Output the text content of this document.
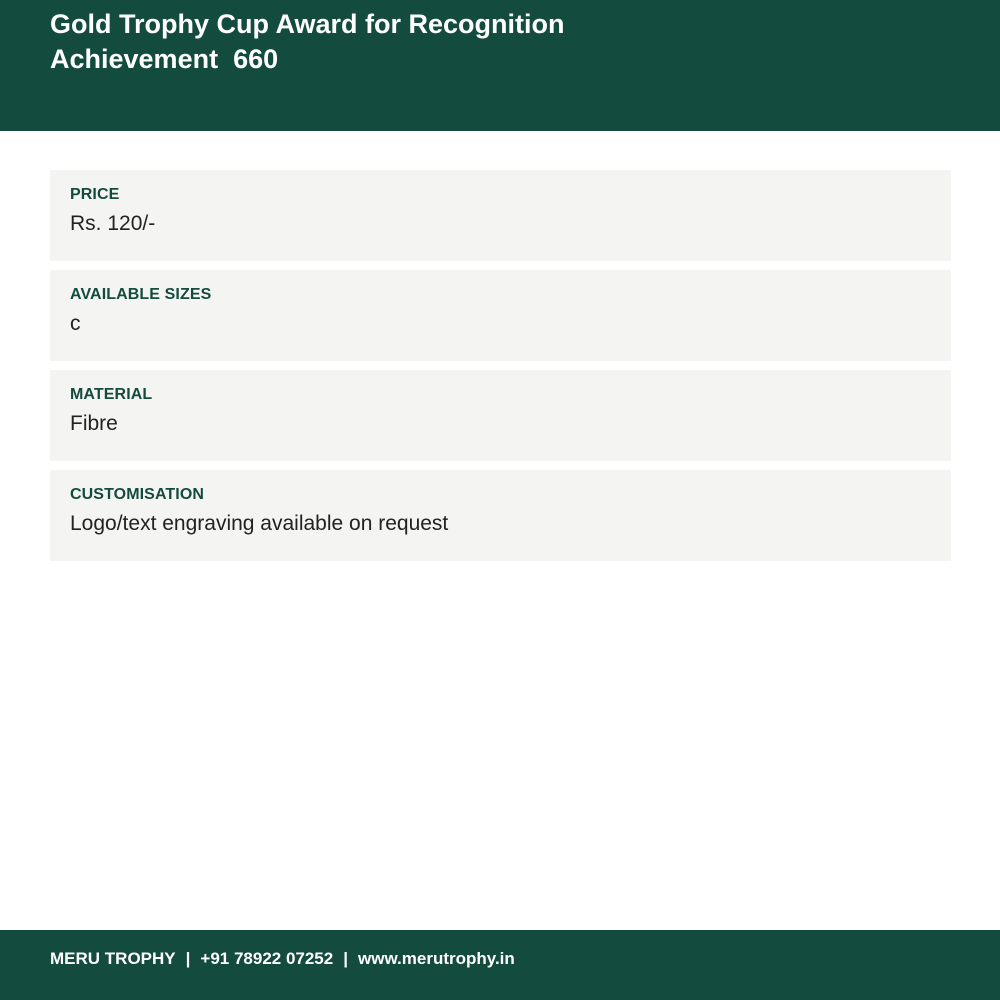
Gold Trophy Cup Award for Recognition
Achievement  660
PRICE
Rs. 120/-
AVAILABLE SIZES
c
MATERIAL
Fibre
CUSTOMISATION
Logo/text engraving available on request
MERU TROPHY | +91 78922 07252 | www.merutrophy.in
